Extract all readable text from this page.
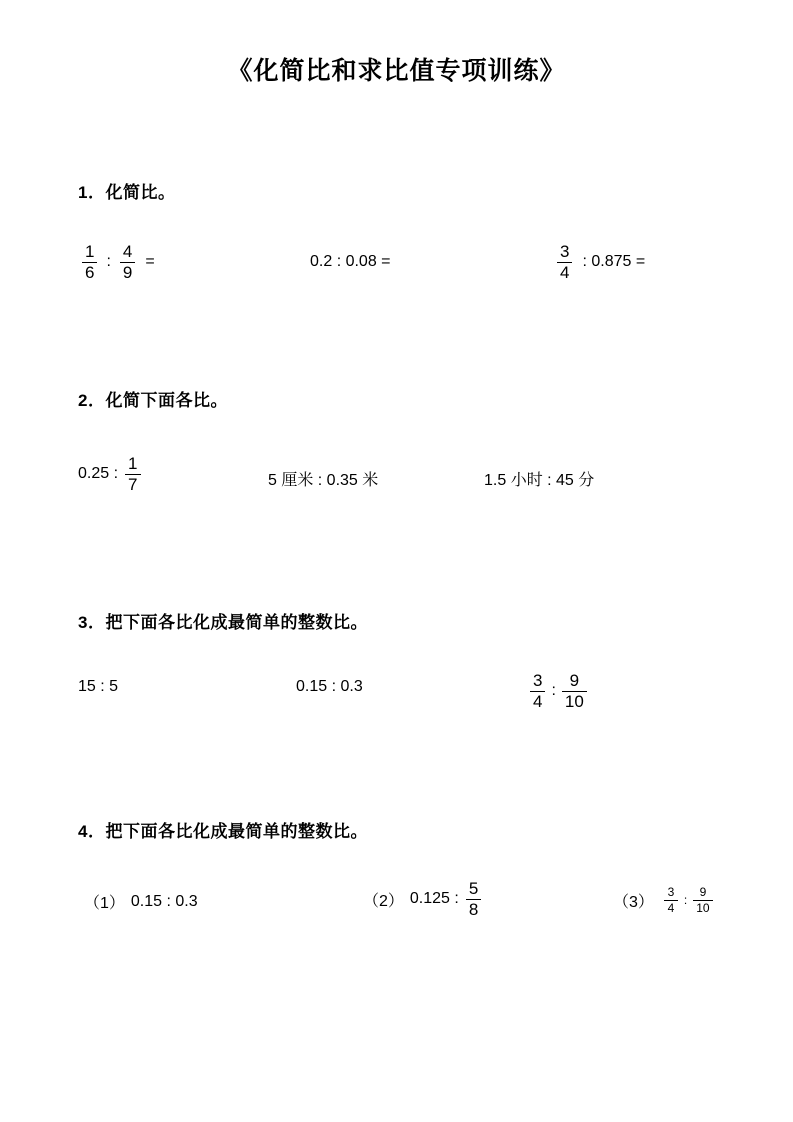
《化简比和求比值专项训练》
1．化简比。
$\frac{1}{6}$ : $\frac{4}{9}$ =	0.2 : 0.08 =	$\frac{3}{4}$ : 0.875 =
2．化简下面各比。
0.25 : $\frac{1}{7}$	5 厘米 : 0.35 米	1.5 小时 : 45 分
3．把下面各比化成最简单的整数比。
15 : 5	0.15 : 0.3	$\frac{3}{4}$ : $\frac{9}{10}$
4．把下面各比化成最简单的整数比。
（1） 0.15 : 0.3	（2） 0.125 : $\frac{5}{8}$	$(3) \frac{3}{4}$ : $\frac{9}{10}$
